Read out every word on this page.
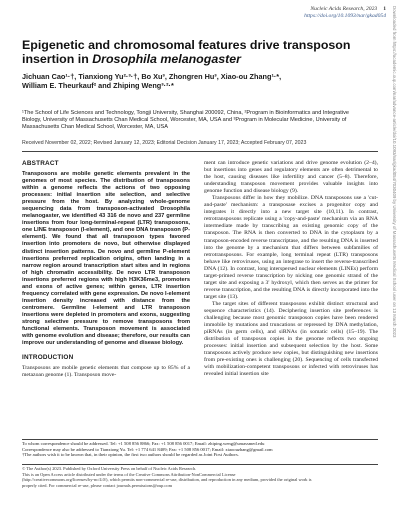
Nucleic Acids Research, 2023 1
https://doi.org/10.1093/nar/gkad054 Downloaded from https://academic.oup.com/nar/advance-article/doi/10.1093/nar/gkad054/7030409 by University of Massachusetts Medical School user on 13 March 2023
Epigenetic and chromosomal features drive transposon insertion in Drosophila melanogaster
Jichuan Cao¹·†, Tianxiong Yu²·³·†, Bo Xu³, Zhongren Hu³, Xiao-ou Zhang¹·*,
William E. Theurkauf² and Zhiping Weng³·²·*
¹The School of Life Sciences and Technology, Tongji University, Shanghai 200092, China, ²Program in Bioinformatics and Integrative Biology, University of Massachusetts Chan Medical School, Worcester, MA, USA and ³Program in Molecular Medicine, University of Massachusetts Chan Medical School, Worcester, MA, USA
Received November 02, 2022; Revised January 12, 2023; Editorial Decision January 17, 2023; Accepted February 07, 2023
ABSTRACT

Transposons are mobile genetic elements prevalent in the genomes of most species. The distribution of transposons within a genome reflects the actions of two opposing processes: initial insertion site selection, and selective pressure from the host. By analyzing whole-genome sequencing data from transposon-activated Drosophila melanogaster, we identified 43 316 de novo and 237 germline insertions from four long-terminal-repeat (LTR) transposons, one LINE transposon (I-element), and one DNA transposon (P-element). We found that all transposon types favored insertion into promoters de novo, but otherwise displayed distinct insertion patterns. De novo and germline P-element insertions preferred replication origins, often landing in a narrow region around transcription start sites and in regions of high chromatin accessibility. De novo LTR transposon insertions preferred regions with high H3K36me3, promoters and exons of active genes; within genes, LTR insertion frequency correlated with gene expression. De novo I-element insertion density increased with distance from the centromere. Germline I-element and LTR transposon insertions were depleted in promoters and exons, suggesting strong selective pressure to remove transposons from functional elements. Transposon movement is associated with genome evolution and disease; therefore, our results can improve our understanding of genome and disease biology.

INTRODUCTION

Transposons are mobile genetic elements that compose up to 85% of a metazoan genome (1). Transposon move-

ment can introduce genetic variations and drive genome evolution (2–4), but insertions into genes and regulatory elements are often detrimental to the host, causing diseases like infertility and cancer (5–8). Therefore, understanding transposon movement provides valuable insights into genome function and disease biology (9).

Transposons differ in how they mobilize. DNA transposons use a 'cut-and-paste' mechanism: a transposase excises a progenitor copy and integrates it directly into a new target site (10,11). In contrast, retrotransposons replicate using a 'copy-and-paste' mechanism via an RNA intermediate made by transcribing an existing genomic copy of the transposon. The RNA is then converted to DNA in the cytoplasm by a transposon-encoded reverse transcriptase, and the resulting DNA is inserted into the genome by a mechanism that differs between subfamilies of retrotransposons. For example, long terminal repeat (LTR) transposons behave like retroviruses, using an integrase to insert the reverse-transcribed DNA (12). In contrast, long interspersed nuclear elements (LINEs) perform target-primed reverse transcription by nicking one genomic strand of the target site and exposing a 3' hydroxyl, which then serves as the primer for reverse transcription, and the resulting DNA is directly incorporated into the target site (13).

The target sites of different transposons exhibit distinct structural and sequence characteristics (14). Deciphering insertion site preferences is challenging because most genomic transposon copies have been rendered immobile by mutations and truncations or repressed by DNA methylation, piRNAs (in germ cells), and siRNAs (in somatic cells) (15–19). The distribution of transposon copies in the genome reflects two ongoing processes: initial insertion and subsequent selection by the host. Some transposons actively produce new copies, but distinguishing new insertions from pre-existing ones is challenging (20). Sequencing of cells transfected with mobilization-competent transposons or infected with retroviruses has revealed initial insertion site

To whom correspondence should be addressed. Tel: +1 508 856 8866; Fax: +1 508 856 0017; Email: zhiping.weng@umassmed.edu

Correspondence may also be addressed to Tianxiong Yu. Tel: +1 774 641 8409; Fax: +1 508 856 0017; Email: xiaoouzhang@gmail.com

†The authors wish it to be known that, in their opinion, the first two authors should be regarded as Joint First Authors.

© The Author(s) 2023. Published by Oxford University Press on behalf of Nucleic Acids Research.

This is an Open Access article distributed under the terms of the Creative Commons Attribution-NonCommercial License

(http://creativecommons.org/licenses/by-nc/4.0/), which permits non-commercial re-use, distribution, and reproduction in any medium, provided the original work is

properly cited. For commercial re-use, please contact journals.permissions@oup.com
